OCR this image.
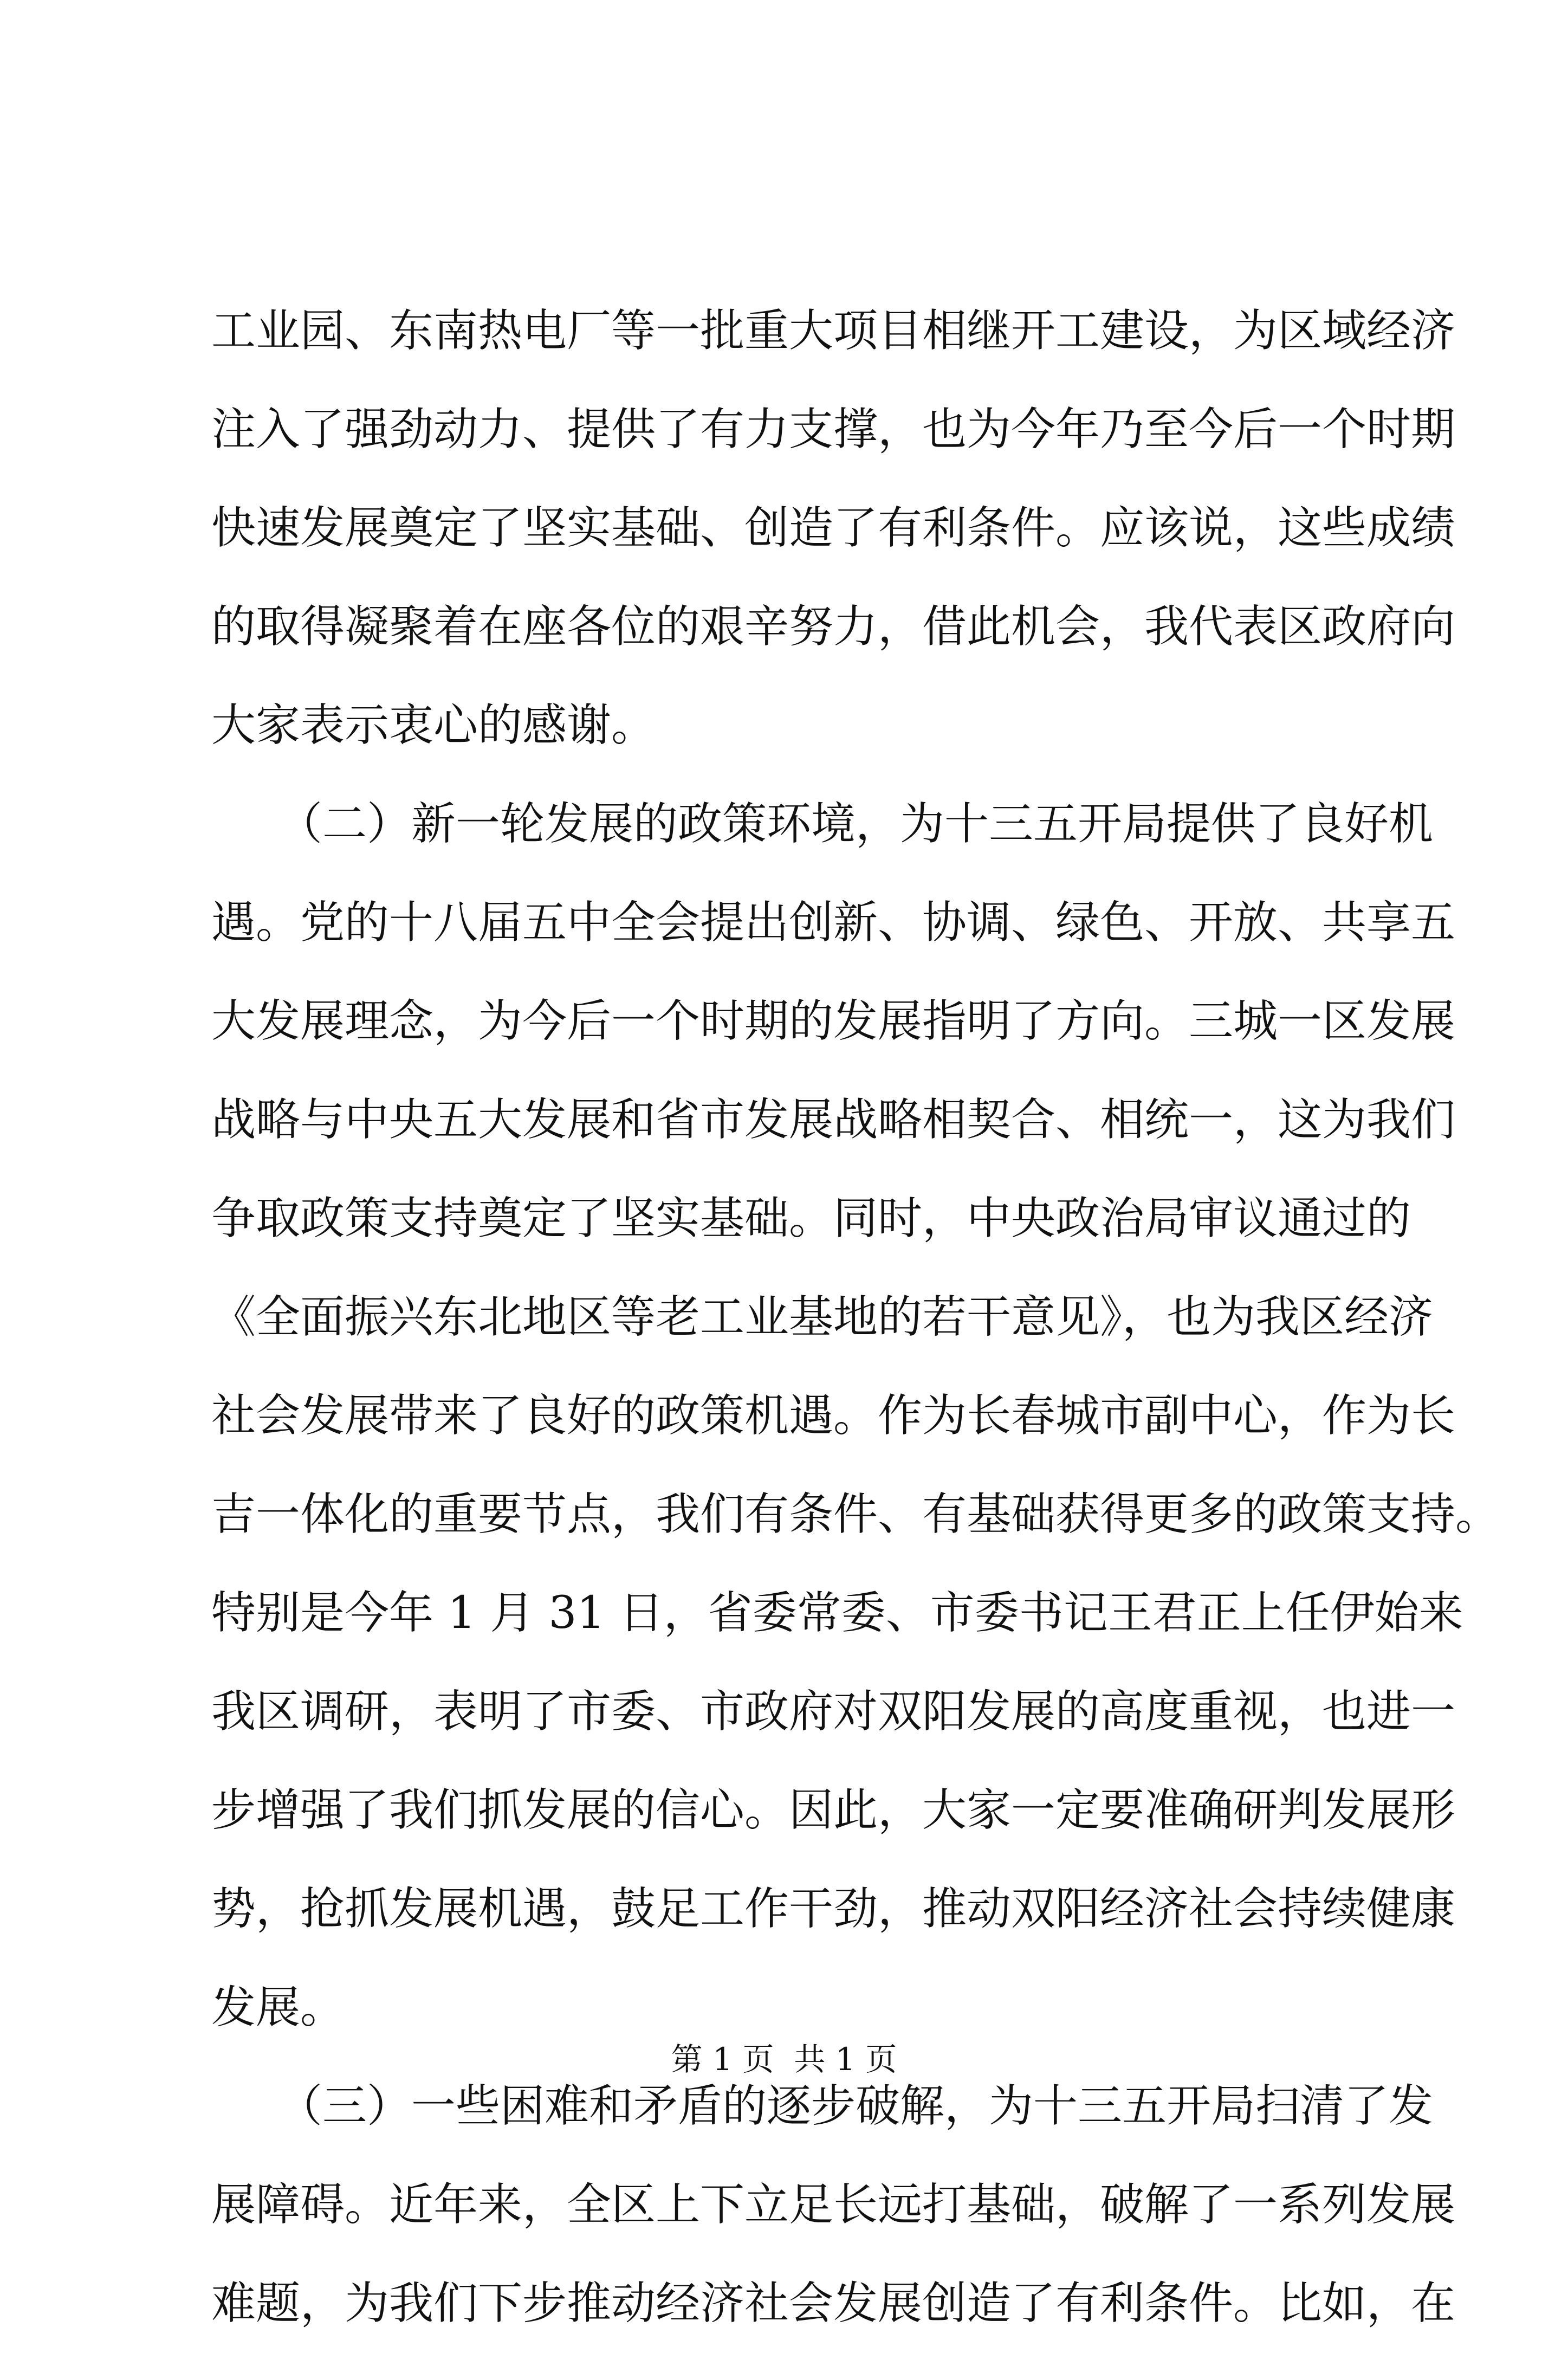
工业园、东南热电厂等一批重大项目相继开工建设，为区域经济
注入了强劲动力、提供了有力支撑，也为今年乃至今后一个时期
快速发展奠定了坚实基础、创造了有利条件。应该说，这些成绩
的取得凝聚着在座各位的艰辛努力，借此机会，我代表区政府向
大家表示衷心的感谢。
　　（二）新一轮发展的政策环境，为十三五开局提供了良好机
遇。党的十八届五中全会提出创新、协调、绿色、开放、共享五
大发展理念，为今后一个时期的发展指明了方向。三城一区发展
战略与中央五大发展和省市发展战略相契合、相统一，这为我们
争取政策支持奠定了坚实基础。同时，中央政治局审议通过的
《全面振兴东北地区等老工业基地的若干意见》，也为我区经济
社会发展带来了良好的政策机遇。作为长春城市副中心，作为长
吉一体化的重要节点，我们有条件、有基础获得更多的政策支持。
特别是今年 1 月 31 日，省委常委、市委书记王君正上任伊始来
我区调研，表明了市委、市政府对双阳发展的高度重视，也进一
步增强了我们抓发展的信心。因此，大家一定要准确研判发展形
势，抢抓发展机遇，鼓足工作干劲，推动双阳经济社会持续健康
发展。
　　（三）一些困难和矛盾的逐步破解，为十三五开局扫清了发
展障碍。近年来，全区上下立足长远打基础，破解了一系列发展
难题，为我们下步推动经济社会发展创造了有利条件。比如，在
第 1 页  共 1 页
